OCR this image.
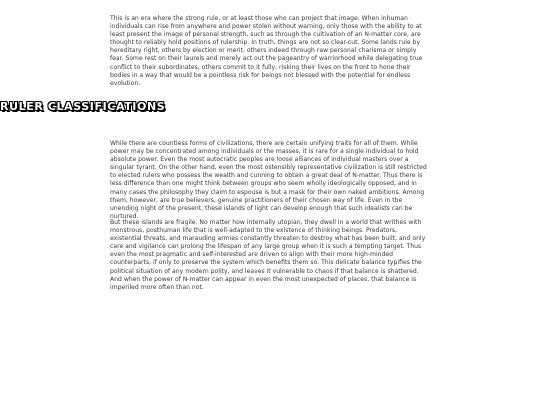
This is an era where the strong rule, or at least those who can project that image. When inhuman individuals can rise from anywhere and power stolen without warning, only those with the ability to at least present the image of personal strength, such as through the cultivation of an N-matter core, are thought to reliably hold positions of rulership. In truth, things are not so clear-cut. Some lands rule by hereditary right, others by election or merit, others indeed through raw personal charisma or simply fear. Some rest on their laurels and merely act out the pageantry of warriorhood while delegating true conflict to their subordinates, others commit to it fully, risking their lives on the front to hone their bodies in a way that would be a pointless risk for beings not blessed with the potential for endless evolution.

RULER CLASSIFICATIONS

While there are countless forms of civilizations, there are certain unifying traits for all of them. While power may be concentrated among individuals or the masses, it is rare for a single individual to hold absolute power. Even the most autocratic peoples are loose alliances of individual masters over a singular tyrant. On the other hand, even the most ostensibly representative civilization is still restricted to elected rulers who possess the wealth and cunning to obtain a great deal of N-matter. Thus there is less difference than one might think between groups who seem wholly ideologically opposed, and in many cases the philosophy they claim to espouse is but a mask for their own naked ambitions. Among them, however, are true believers, genuine practitioners of their chosen way of life. Even in the unending night of the present, these islands of light can develop enough that such idealists can be nurtured.

But these islands are fragile. No matter how internally utopian, they dwell in a world that writhes with monstrous, posthuman life that is well-adapted to the existence of thinking beings. Predators, existential threats, and marauding armies constantly threaten to destroy what has been built, and only care and vigilance can prolong the lifespan of any large group when it is such a tempting target. Thus even the most pragmatic and self-interested are driven to align with their more high-minded counterparts, if only to preserve the system which benefits them so. This delicate balance typifies the political situation of any modern polity, and leaves it vulnerable to chaos if that balance is shattered. And when the power of N-matter can appear in even the most unexpected of places, that balance is imperiled more often than not.
